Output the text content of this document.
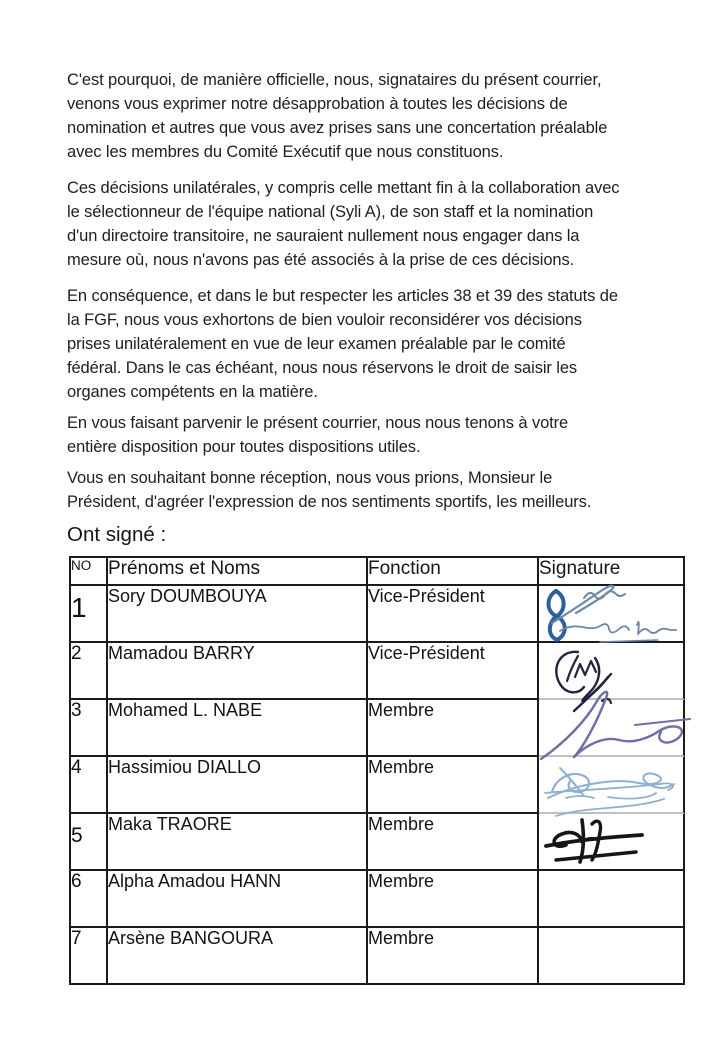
C'est pourquoi, de manière officielle, nous, signataires du présent courrier,
venons vous exprimer notre désapprobation à toutes les décisions de
nomination et autres que vous avez prises sans une concertation préalable
avec les membres du Comité Exécutif que nous constituons.
Ces décisions unilatérales, y compris celle mettant fin à la collaboration avec
le sélectionneur de l'équipe national (Syli A), de son staff et la nomination
d'un directoire transitoire, ne sauraient nullement nous engager dans la
mesure où, nous n'avons pas été associés à la prise de ces décisions.
En conséquence, et dans le but respecter les articles 38 et 39 des statuts de
la FGF, nous vous exhortons de bien vouloir reconsidérer vos décisions
prises unilatéralement en vue de leur examen préalable par le comité
fédéral. Dans le cas échéant, nous nous réservons le droit de saisir les
organes compétents en la matière.
En vous faisant parvenir le présent courrier, nous nous tenons à votre
entière disposition pour toutes dispositions utiles.
Vous en souhaitant bonne réception, nous vous prions, Monsieur le
Président, d'agréer l'expression de nos sentiments sportifs, les meilleurs.
Ont signé :
NO	Prénoms et Noms	Fonction	Signature
1	Sory DOUMBOUYA	Vice-Président	
2	Mamadou BARRY	Vice-Président	
3	Mohamed L. NABE	Membre	
4	Hassimiou DIALLO	Membre	
5	Maka TRAORE	Membre	
6	Alpha Amadou HANN	Membre	
7	Arsène BANGOURA	Membre	
